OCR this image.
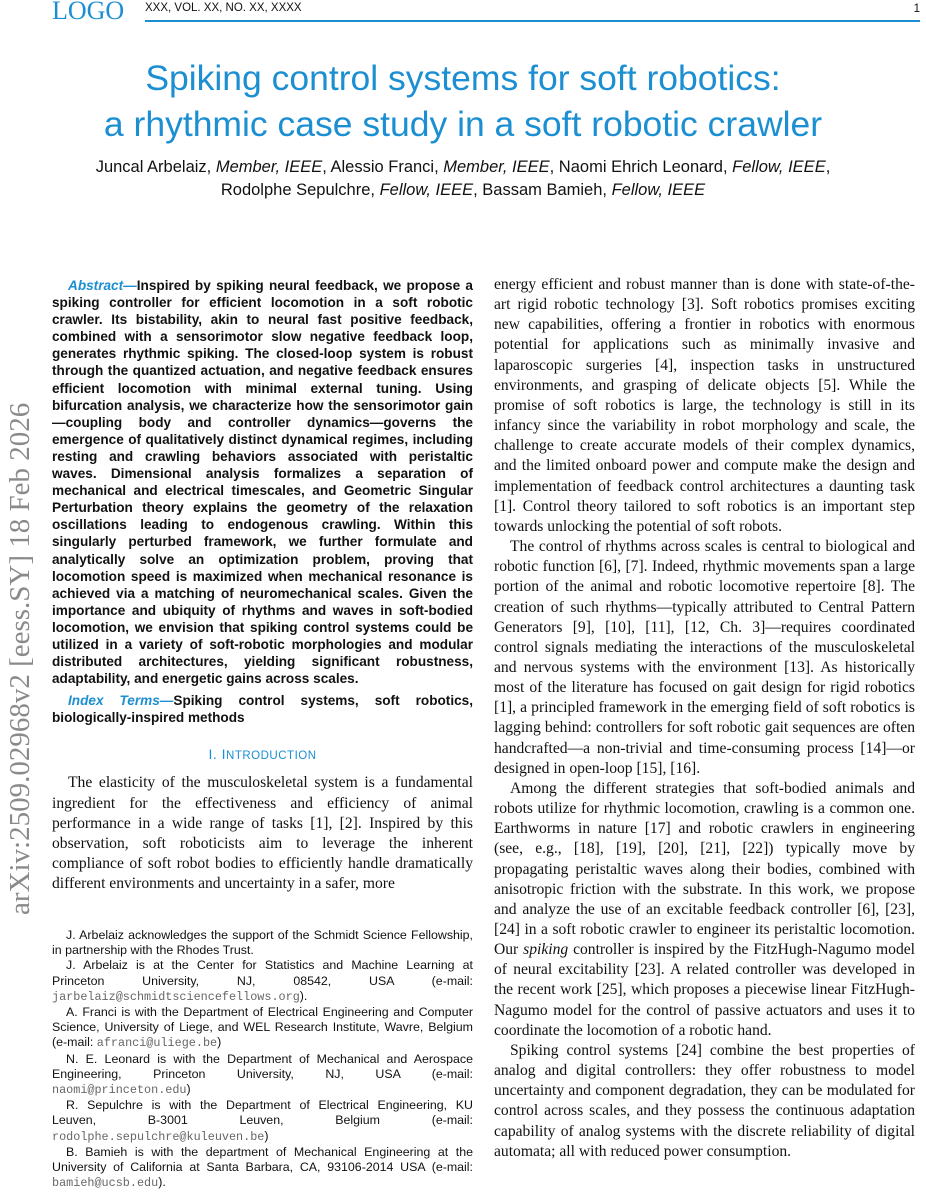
LOGO XXX, VOL. XX, NO. XX, XXXX	1
Spiking control systems for soft robotics:
a rhythmic case study in a soft robotic crawler
Juncal Arbelaiz, Member, IEEE, Alessio Franci, Member, IEEE, Naomi Ehrich Leonard, Fellow, IEEE,
Rodolphe Sepulchre, Fellow, IEEE, Bassam Bamieh, Fellow, IEEE
arXiv:2509.02968v2 [eess.SY] 18 Feb 2026

Abstract—Inspired by spiking neural feedback, we propose a spiking controller for efficient locomotion in a soft robotic crawler. Its bistability, akin to neural fast positive feedback, combined with a sensorimotor slow negative feedback loop, generates rhythmic spiking. The closed-loop system is robust through the quantized actuation, and negative feedback ensures efficient locomotion with minimal external tuning. Using bifurcation analysis, we characterize how the sensorimotor gain—coupling body and controller dynamics—governs the emergence of qualitatively distinct dynamical regimes, including resting and crawling behaviors associated with peristaltic waves. Dimensional analysis formalizes a separation of mechanical and electrical timescales, and Geometric Singular Perturbation theory explains the geometry of the relaxation oscillations leading to endogenous crawling. Within this singularly perturbed framework, we further formulate and analytically solve an optimization problem, proving that locomotion speed is maximized when mechanical resonance is achieved via a matching of neuromechanical scales. Given the importance and ubiquity of rhythms and waves in soft-bodied locomotion, we envision that spiking control systems could be utilized in a variety of soft-robotic morphologies and modular distributed architectures, yielding significant robustness, adaptability, and energetic gains across scales.

Index Terms—Spiking control systems, soft robotics, biologically-inspired methods

I. INTRODUCTION

The elasticity of the musculoskeletal system is a fundamental ingredient for the effectiveness and efficiency of animal performance in a wide range of tasks [1], [2]. Inspired by this observation, soft roboticists aim to leverage the inherent compliance of soft robot bodies to efficiently handle dramatically different environments and uncertainty in a safer, more

J. Arbelaiz acknowledges the support of the Schmidt Science Fellowship, in partnership with the Rhodes Trust.

J. Arbelaiz is at the Center for Statistics and Machine Learning at Princeton University, NJ, 08542, USA (e-mail: jarbelaiz@schmidtsciencefellows.org).

A. Franci is with the Department of Electrical Engineering and Computer Science, University of Liege, and WEL Research Institute, Wavre, Belgium (e-mail: afranci@uliege.be)

N. E. Leonard is with the Department of Mechanical and Aerospace Engineering, Princeton University, NJ, USA (e-mail: naomi@princeton.edu)

R. Sepulchre is with the Department of Electrical Engineering, KU Leuven, B-3001 Leuven, Belgium (e-mail: rodolphe.sepulchre@kuleuven.be)

B. Bamieh is with the department of Mechanical Engineering at the University of California at Santa Barbara, CA, 93106-2014 USA (e-mail: bamieh@ucsb.edu).

energy efficient and robust manner than is done with state-of-the-art rigid robotic technology [3]. Soft robotics promises exciting new capabilities, offering a frontier in robotics with enormous potential for applications such as minimally invasive and laparoscopic surgeries [4], inspection tasks in unstructured environments, and grasping of delicate objects [5]. While the promise of soft robotics is large, the technology is still in its infancy since the variability in robot morphology and scale, the challenge to create accurate models of their complex dynamics, and the limited onboard power and compute make the design and implementation of feedback control architectures a daunting task [1]. Control theory tailored to soft robotics is an important step towards unlocking the potential of soft robots.

The control of rhythms across scales is central to biological and robotic function [6], [7]. Indeed, rhythmic movements span a large portion of the animal and robotic locomotive repertoire [8]. The creation of such rhythms—typically attributed to Central Pattern Generators [9], [10], [11], [12, Ch. 3]—requires coordinated control signals mediating the interactions of the musculoskeletal and nervous systems with the environment [13]. As historically most of the literature has focused on gait design for rigid robotics [1], a principled framework in the emerging field of soft robotics is lagging behind: controllers for soft robotic gait sequences are often handcrafted—a non-trivial and time-consuming process [14]—or designed in open-loop [15], [16].

Among the different strategies that soft-bodied animals and robots utilize for rhythmic locomotion, crawling is a common one. Earthworms in nature [17] and robotic crawlers in engineering (see, e.g., [18], [19], [20], [21], [22]) typically move by propagating peristaltic waves along their bodies, combined with anisotropic friction with the substrate. In this work, we propose and analyze the use of an excitable feedback controller [6], [23], [24] in a soft robotic crawler to engineer its peristaltic locomotion. Our spiking controller is inspired by the FitzHugh-Nagumo model of neural excitability [23]. A related controller was developed in the recent work [25], which proposes a piecewise linear FitzHugh-Nagumo model for the control of passive actuators and uses it to coordinate the locomotion of a robotic hand.

Spiking control systems [24] combine the best properties of analog and digital controllers: they offer robustness to model uncertainty and component degradation, they can be modulated for control across scales, and they possess the continuous adaptation capability of analog systems with the discrete reliability of digital automata; all with reduced power consumption.
